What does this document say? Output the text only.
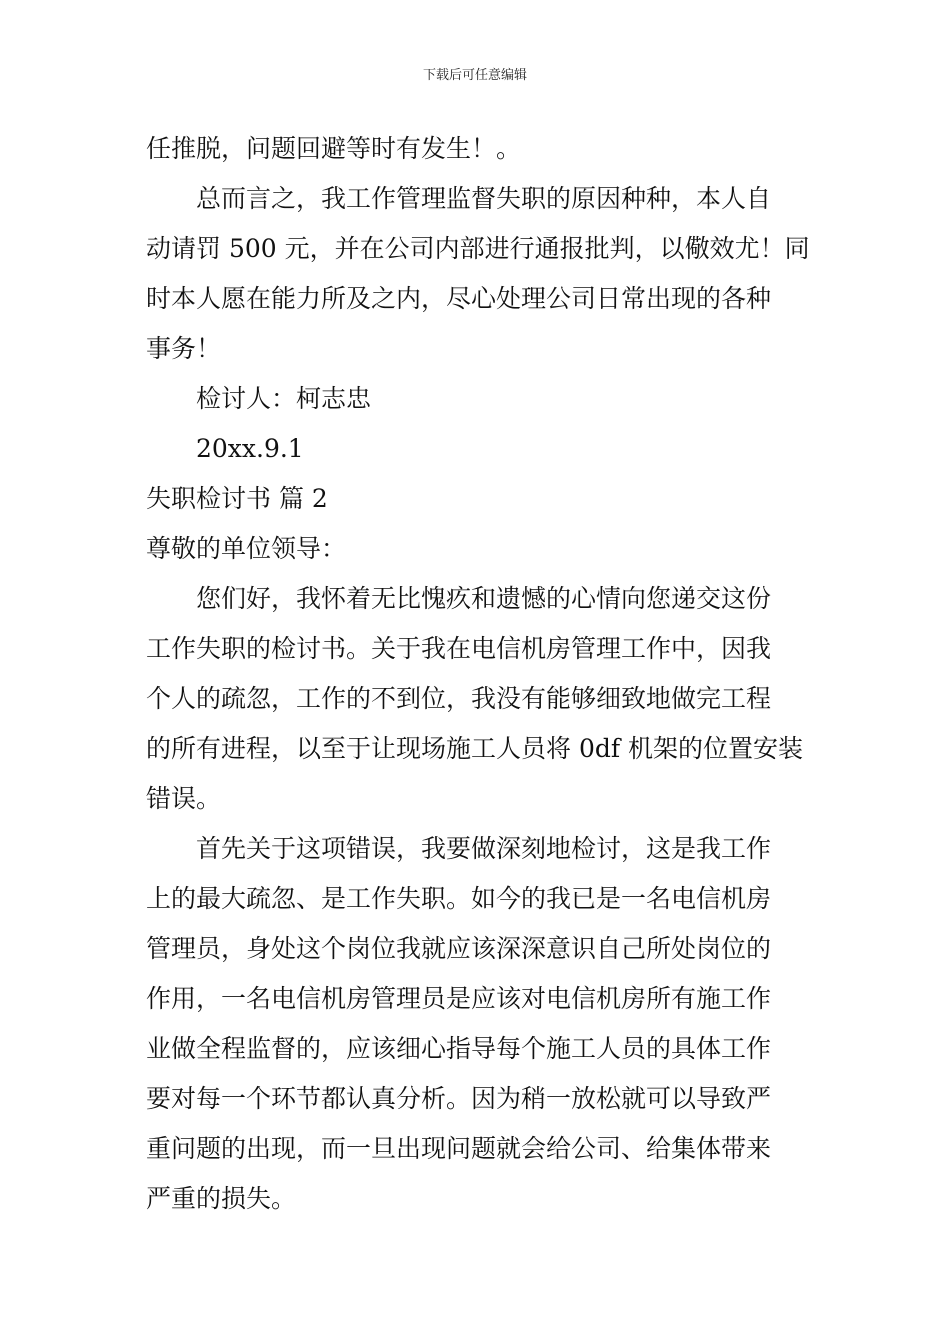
下载后可任意编辑
任推脱，问题回避等时有发生！。
总而言之，我工作管理监督失职的原因种种，本人自
动请罚 500 元，并在公司内部进行通报批判，以儆效尤！同
时本人愿在能力所及之内，尽心处理公司日常出现的各种
事务！
检讨人：柯志忠
20xx.9.1
失职检讨书 篇 2
尊敬的单位领导：
您们好，我怀着无比愧疚和遗憾的心情向您递交这份
工作失职的检讨书。关于我在电信机房管理工作中，因我
个人的疏忽，工作的不到位，我没有能够细致地做完工程
的所有进程，以至于让现场施工人员将 0df 机架的位置安装
错误。
首先关于这项错误，我要做深刻地检讨，这是我工作
上的最大疏忽、是工作失职。如今的我已是一名电信机房
管理员，身处这个岗位我就应该深深意识自己所处岗位的
作用，一名电信机房管理员是应该对电信机房所有施工作
业做全程监督的，应该细心指导每个施工人员的具体工作
要对每一个环节都认真分析。因为稍一放松就可以导致严
重问题的出现，而一旦出现问题就会给公司、给集体带来
严重的损失。
